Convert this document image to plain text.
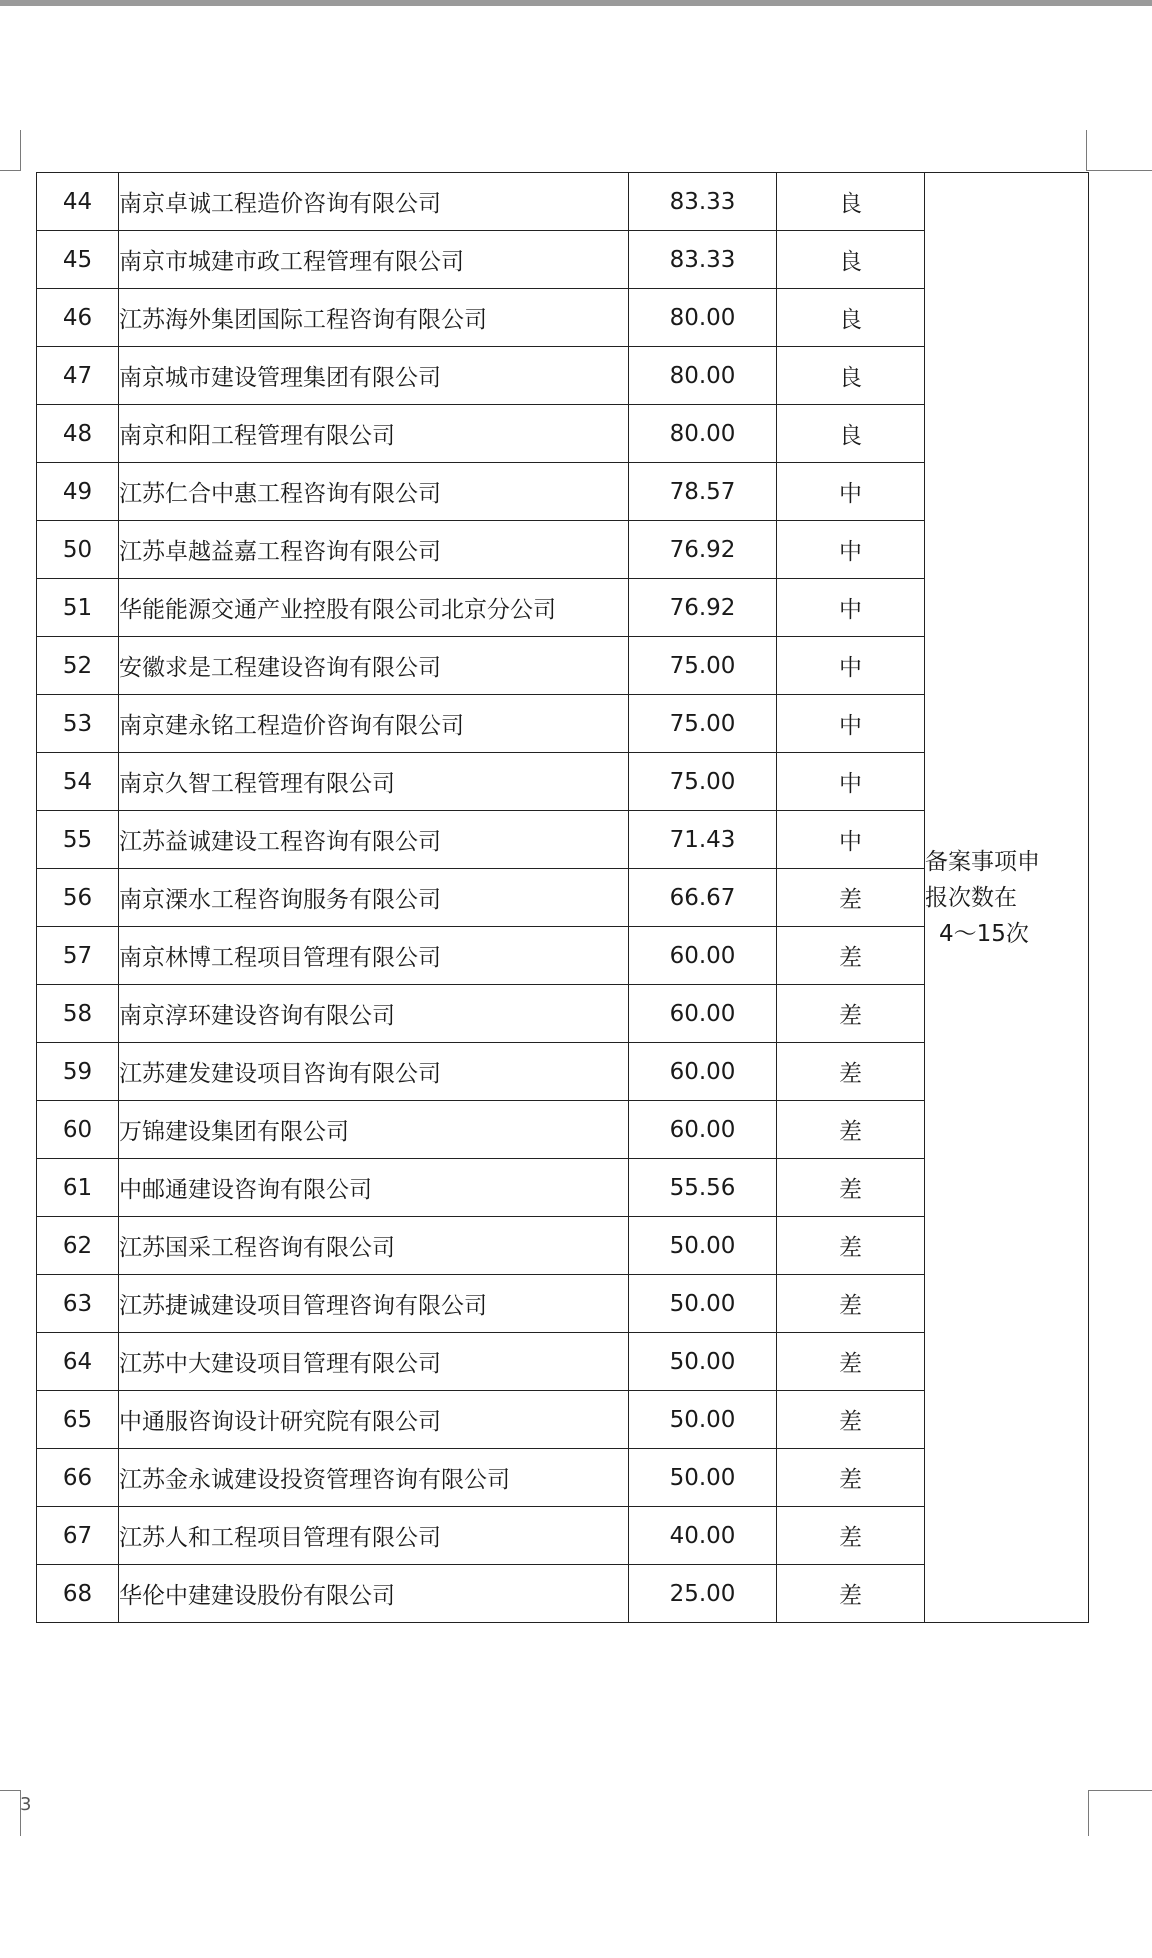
3
44	南京卓诚工程造价咨询有限公司	83.33	良	备案事项申
报次数在
4～15次

45	南京市城建市政工程管理有限公司	83.33	良	
46	江苏海外集团国际工程咨询有限公司	80.00	良	
47	南京城市建设管理集团有限公司	80.00	良	
48	南京和阳工程管理有限公司	80.00	良	
49	江苏仁合中惠工程咨询有限公司	78.57	中	
50	江苏卓越益嘉工程咨询有限公司	76.92	中	
51	华能能源交通产业控股有限公司北京分公司	76.92	中	
52	安徽求是工程建设咨询有限公司	75.00	中	
53	南京建永铭工程造价咨询有限公司	75.00	中	
54	南京久智工程管理有限公司	75.00	中	
55	江苏益诚建设工程咨询有限公司	71.43	中	
56	南京溧水工程咨询服务有限公司	66.67	差	
57	南京林博工程项目管理有限公司	60.00	差	
58	南京淳环建设咨询有限公司	60.00	差	
59	江苏建发建设项目咨询有限公司	60.00	差	
60	万锦建设集团有限公司	60.00	差	
61	中邮通建设咨询有限公司	55.56	差	
62	江苏国采工程咨询有限公司	50.00	差	
63	江苏捷诚建设项目管理咨询有限公司	50.00	差	
64	江苏中大建设项目管理有限公司	50.00	差	
65	中通服咨询设计研究院有限公司	50.00	差	
66	江苏金永诚建设投资管理咨询有限公司	50.00	差	
67	江苏人和工程项目管理有限公司	40.00	差	
68	华伦中建建设股份有限公司	25.00	差	
